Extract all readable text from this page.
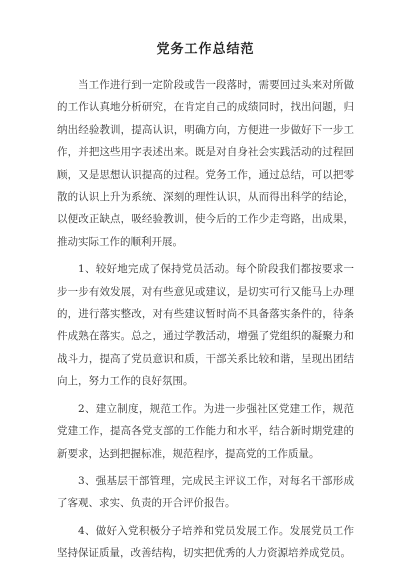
党务工作总结范

当工作进行到一定阶段或告一段落时，需要回过头来对所做的工作认真地分析研究，在肯定自己的成绩同时，找出问题，归纳出经验教训，提高认识，明确方向，方便进一步做好下一步工作，并把这些用字表述出来。既是对自身社会实践活动的过程回顾，又是思想认识提高的过程。党务工作，通过总结，可以把零散的认识上升为系统、深刻的理性认识，从而得出科学的结论，以便改正缺点，吸经验教训，使今后的工作少走弯路，出成果，推动实际工作的顺利开展。

1、较好地完成了保持党员活动。每个阶段我们都按要求一步一步有效发展，对有些意见或建议，是切实可行又能马上办理的，进行落实整改，对有些建议暂时尚不具备落实条件的，待条件成熟在落实。总之，通过学教活动，增强了党组织的凝聚力和战斗力，提高了党员意识和质，干部关系比较和谐，呈现出团结向上，努力工作的良好氛围。

2、建立制度，规范工作。为进一步强社区党建工作，规范党建工作，提高各党支部的工作能力和水平，结合新时期党建的新要求，达到把握标准，规范程序，提高党的工作质量。

3、强基层干部管理，完成民主评议工作，对每名干部形成了客观、求实、负责的开合评价报告。

4、做好入党积极分子培养和党员发展工作。发展党员工作坚持保证质量，改善结构，切实把优秀的人力资源培养成党员。
